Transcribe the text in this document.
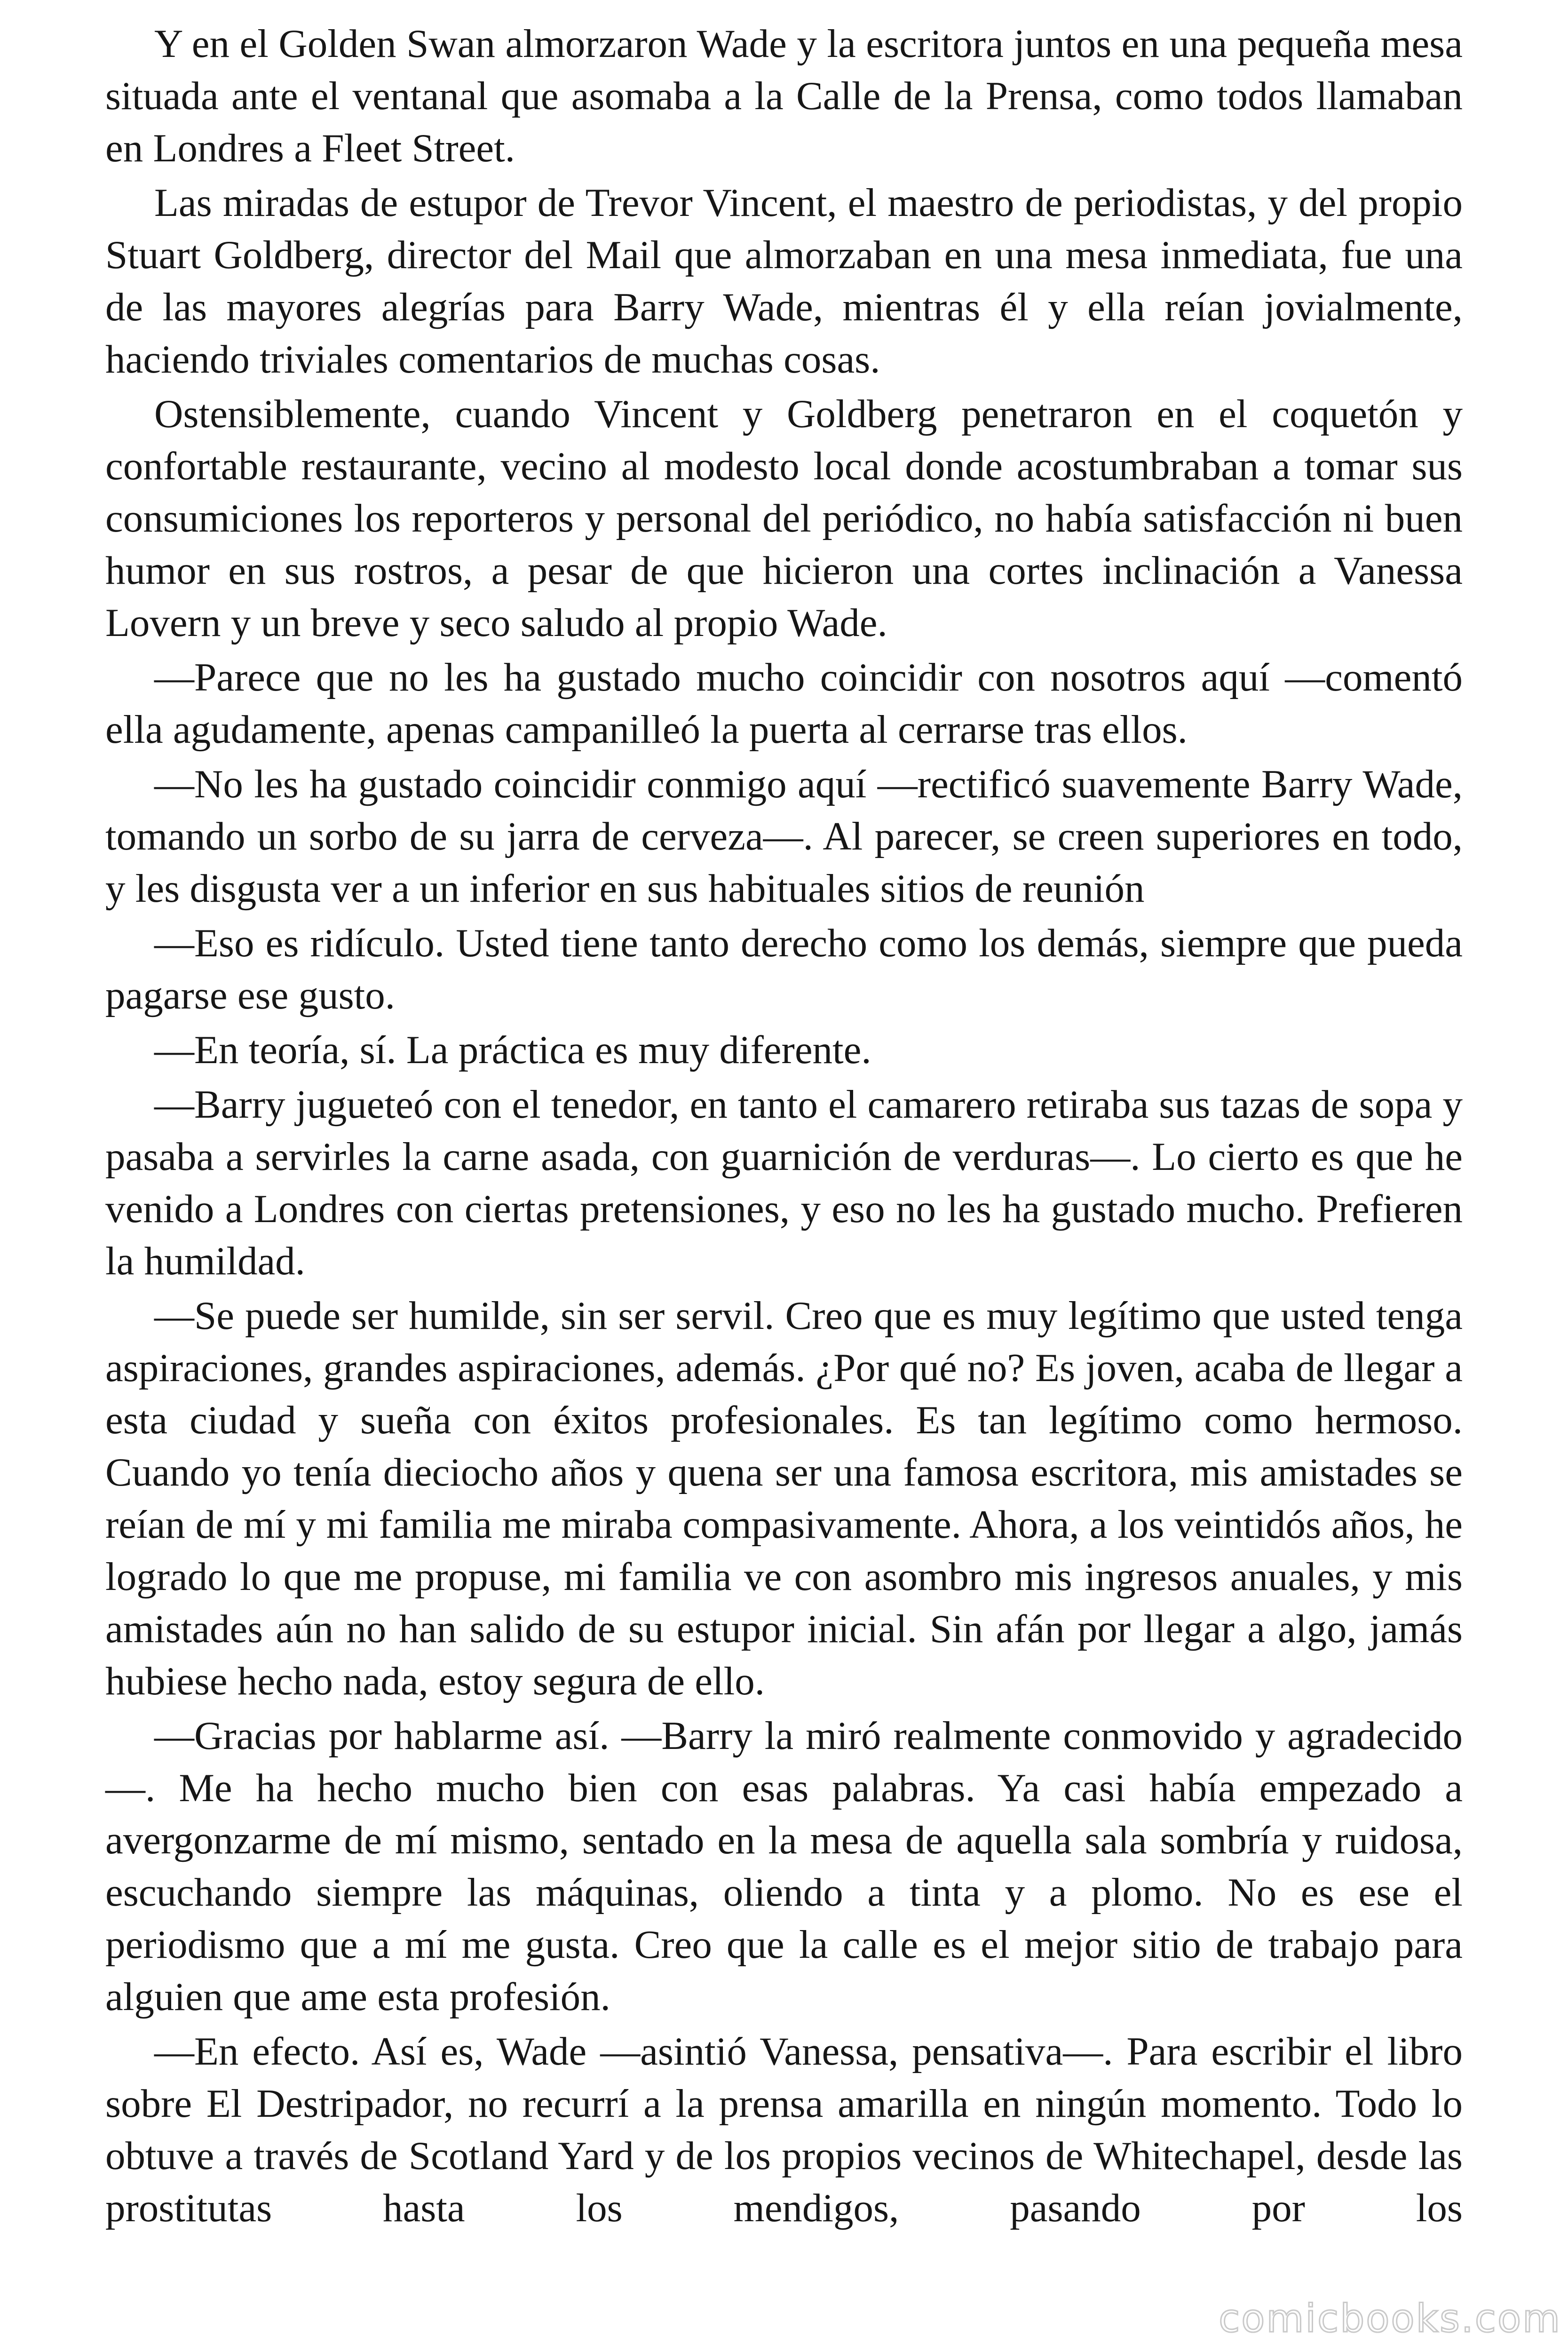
Y en el Golden Swan almorzaron Wade y la escritora juntos en una pequeña mesa situada ante el ventanal que asomaba a la Calle de la Prensa, como todos llamaban en Londres a Fleet Street.

Las miradas de estupor de Trevor Vincent, el maestro de periodistas, y del propio Stuart Goldberg, director del Mail que almorzaban en una mesa inmediata, fue una de las mayores alegrías para Barry Wade, mientras él y ella reían jovialmente, haciendo triviales comentarios de muchas cosas.

Ostensiblemente, cuando Vincent y Goldberg penetraron en el coquetón y confortable restaurante, vecino al modesto local donde acostumbraban a tomar sus consumiciones los reporteros y personal del periódico, no había satisfacción ni buen humor en sus rostros, a pesar de que hicieron una cortes inclinación a Vanessa Lovern y un breve y seco saludo al propio Wade.

—Parece que no les ha gustado mucho coincidir con nosotros aquí —comentó ella agudamente, apenas campanilleó la puerta al cerrarse tras ellos.

—No les ha gustado coincidir conmigo aquí —rectificó suavemente Barry Wade, tomando un sorbo de su jarra de cerveza—. Al parecer, se creen superiores en todo, y les disgusta ver a un inferior en sus habituales sitios de reunión

—Eso es ridículo. Usted tiene tanto derecho como los demás, siempre que pueda pagarse ese gusto.

—En teoría, sí. La práctica es muy diferente.

—Barry jugueteó con el tenedor, en tanto el camarero retiraba sus tazas de sopa y pasaba a servirles la carne asada, con guarnición de verduras—. Lo cierto es que he venido a Londres con ciertas pretensiones, y eso no les ha gustado mucho. Prefieren la humildad.

—Se puede ser humilde, sin ser servil. Creo que es muy legítimo que usted tenga aspiraciones, grandes aspiraciones, además. ¿Por qué no? Es joven, acaba de llegar a esta ciudad y sueña con éxitos profesionales. Es tan legítimo como hermoso. Cuando yo tenía dieciocho años y quena ser una famosa escritora, mis amistades se reían de mí y mi familia me miraba compasivamente. Ahora, a los veintidós años, he logrado lo que me propuse, mi familia ve con asombro mis ingresos anuales, y mis amistades aún no han salido de su estupor inicial. Sin afán por llegar a algo, jamás hubiese hecho nada, estoy segura de ello.

—Gracias por hablarme así. —Barry la miró realmente conmovido y agradecido—. Me ha hecho mucho bien con esas palabras. Ya casi había empezado a avergonzarme de mí mismo, sentado en la mesa de aquella sala sombría y ruidosa, escuchando siempre las máquinas, oliendo a tinta y a plomo. No es ese el periodismo que a mí me gusta. Creo que la calle es el mejor sitio de trabajo para alguien que ame esta profesión.

—En efecto. Así es, Wade —asintió Vanessa, pensativa—. Para escribir el libro sobre El Destripador, no recurrí a la prensa amarilla en ningún momento. Todo lo obtuve a través de Scotland Yard y de los propios vecinos de Whitechapel, desde las prostitutas hasta los mendigos, pasando por los

comicbooks.com
